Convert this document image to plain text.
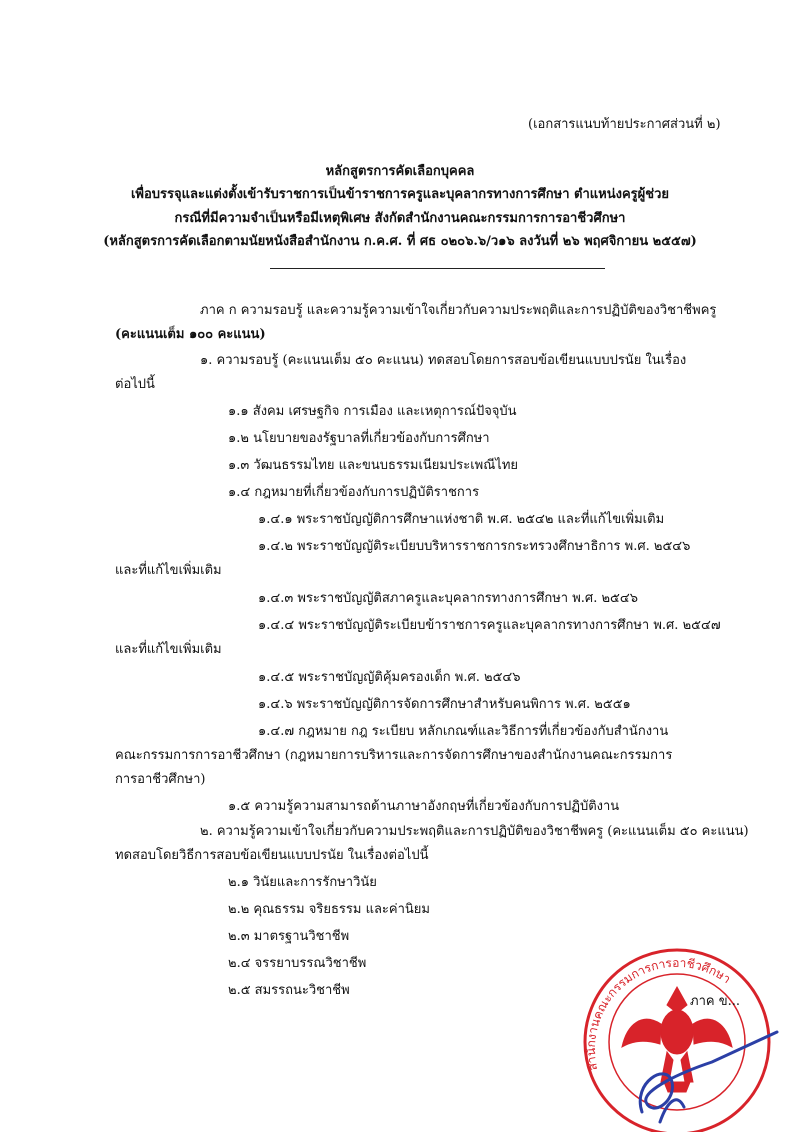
(เอกสารแนบท้ายประกาศส่วนที่ ๒)
หลักสูตรการคัดเลือกบุคคล
เพื่อบรรจุและแต่งตั้งเข้ารับราชการเป็นข้าราชการครูและบุคลากรทางการศึกษา ตำแหน่งครูผู้ช่วย
กรณีที่มีความจำเป็นหรือมีเหตุพิเศษ สังกัดสำนักงานคณะกรรมการการอาชีวศึกษา
(หลักสูตรการคัดเลือกตามนัยหนังสือสำนักงาน ก.ค.ศ. ที่ ศธ ๐๒๐๖.๖/ว๑๖ ลงวันที่ ๒๖ พฤศจิกายน ๒๕๕๗)
ภาค ก ความรอบรู้ และความรู้ความเข้าใจเกี่ยวกับความประพฤติและการปฏิบัติของวิชาชีพครู
(คะแนนเต็ม ๑๐๐ คะแนน)
๑. ความรอบรู้ (คะแนนเต็ม ๕๐ คะแนน) ทดสอบโดยการสอบข้อเขียนแบบปรนัย ในเรื่อง
ต่อไปนี้
๑.๑ สังคม เศรษฐกิจ การเมือง และเหตุการณ์ปัจจุบัน
๑.๒ นโยบายของรัฐบาลที่เกี่ยวข้องกับการศึกษา
๑.๓ วัฒนธรรมไทย และขนบธรรมเนียมประเพณีไทย
๑.๔ กฎหมายที่เกี่ยวข้องกับการปฏิบัติราชการ
๑.๔.๑ พระราชบัญญัติการศึกษาแห่งชาติ พ.ศ. ๒๕๔๒ และที่แก้ไขเพิ่มเติม
๑.๔.๒ พระราชบัญญัติระเบียบบริหารราชการกระทรวงศึกษาธิการ พ.ศ. ๒๕๔๖
และที่แก้ไขเพิ่มเติม
๑.๔.๓ พระราชบัญญัติสภาครูและบุคลากรทางการศึกษา พ.ศ. ๒๕๔๖
๑.๔.๔ พระราชบัญญัติระเบียบข้าราชการครูและบุคลากรทางการศึกษา พ.ศ. ๒๕๔๗
และที่แก้ไขเพิ่มเติม
๑.๔.๕ พระราชบัญญัติคุ้มครองเด็ก พ.ศ. ๒๕๔๖
๑.๔.๖ พระราชบัญญัติการจัดการศึกษาสำหรับคนพิการ พ.ศ. ๒๕๕๑
๑.๔.๗ กฎหมาย กฎ ระเบียบ หลักเกณฑ์และวิธีการที่เกี่ยวข้องกับสำนักงาน
คณะกรรมการการอาชีวศึกษา (กฎหมายการบริหารและการจัดการศึกษาของสำนักงานคณะกรรมการ
การอาชีวศึกษา)
๑.๕ ความรู้ความสามารถด้านภาษาอังกฤษที่เกี่ยวข้องกับการปฏิบัติงาน
๒. ความรู้ความเข้าใจเกี่ยวกับความประพฤติและการปฏิบัติของวิชาชีพครู (คะแนนเต็ม ๕๐ คะแนน)
ทดสอบโดยวิธีการสอบข้อเขียนแบบปรนัย ในเรื่องต่อไปนี้
๒.๑ วินัยและการรักษาวินัย
๒.๒ คุณธรรม จริยธรรม และค่านิยม
๒.๓ มาตรฐานวิชาชีพ
๒.๔ จรรยาบรรณวิชาชีพ
๒.๕ สมรรถนะวิชาชีพ
สำนักงานคณะกรรมการการอาชีวศึกษา
ภาค ข...
